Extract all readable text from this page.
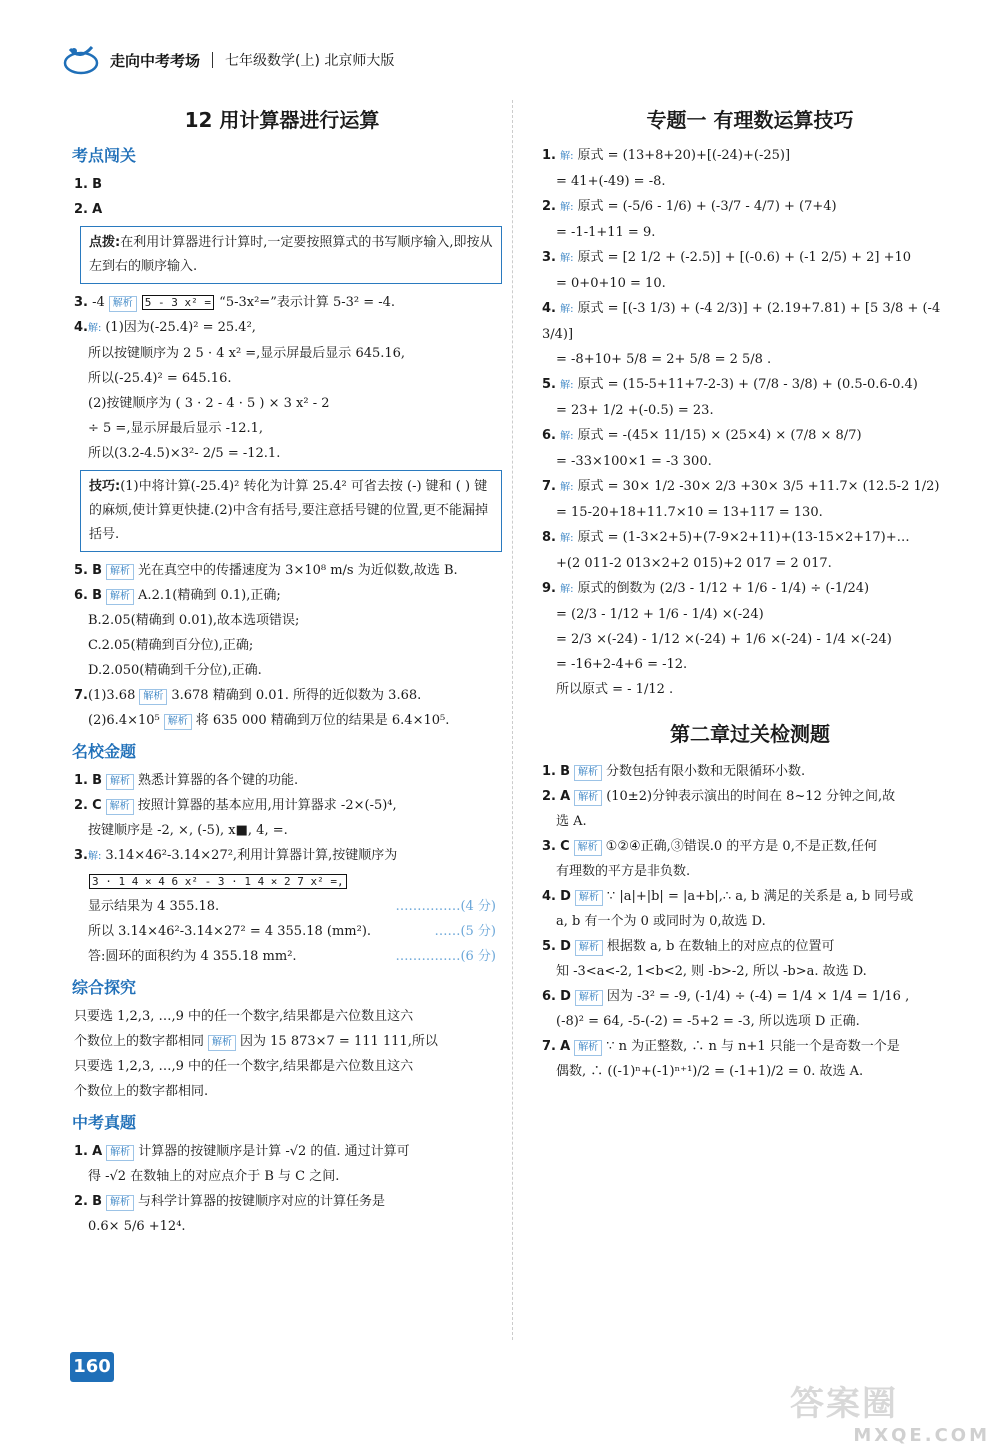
走向中考考场 七年级数学(上) 北京师大版
12 用计算器进行运算
考点闯关
1. B
2. A
点拨:在利用计算器进行计算时,一定要按照算式的书写顺序输入,即按从左到右的顺序输入.
3. -4 解析 5 - 3 x² = “5-3x²=”表示计算 5-3² = -4.
4.解: (1)因为(-25.4)² = 25.4²,
所以按键顺序为 2 5 · 4 x² =,显示屏最后显示 645.16,
所以(-25.4)² = 645.16.
(2)按键顺序为 ( 3 · 2 - 4 · 5 ) × 3 x² - 2
÷ 5 =,显示屏最后显示 -12.1,
所以(3.2-4.5)×3²- 2/5 = -12.1.
技巧:(1)中将计算(-25.4)² 转化为计算 25.4² 可省去按 (-) 键和 ( ) 键的麻烦,使计算更快捷.(2)中含有括号,要注意括号键的位置,更不能漏掉括号.
5. B 解析 光在真空中的传播速度为 3×10⁸ m/s 为近似数,故选 B.
6. B 解析 A.2.1(精确到 0.1),正确;
B.2.05(精确到 0.01),故本选项错误;
C.2.05(精确到百分位),正确;
D.2.050(精确到千分位),正确.
7.(1)3.68 解析 3.678 精确到 0.01. 所得的近似数为 3.68.
(2)6.4×10⁵ 解析 将 635 000 精确到万位的结果是 6.4×10⁵.
名校金题
1. B 解析 熟悉计算器的各个键的功能.
2. C 解析 按照计算器的基本应用,用计算器求 -2×(-5)⁴,
按键顺序是 -2, ×, (-5), x■, 4, =.
3.解: 3.14×46²-3.14×27²,利用计算器计算,按键顺序为
3 · 1 4 × 4 6 x² - 3 · 1 4 × 2 7 x² =,
显示结果为 4 355.18.	……………(4 分)
所以 3.14×46²-3.14×27² = 4 355.18 (mm²).	……(5 分)
答:圆环的面积约为 4 355.18 mm².	……………(6 分)
综合探究
只要选 1,2,3, …,9 中的任一个数字,结果都是六位数且这六
个数位上的数字都相同 解析 因为 15 873×7 = 111 111,所以
只要选 1,2,3, …,9 中的任一个数字,结果都是六位数且这六
个数位上的数字都相同.
中考真题
1. A 解析 计算器的按键顺序是计算 -√2 的值. 通过计算可
得 -√2 在数轴上的对应点介于 B 与 C 之间.
2. B 解析 与科学计算器的按键顺序对应的计算任务是
0.6× 5/6 +12⁴.
专题一 有理数运算技巧
1. 解: 原式 = (13+8+20)+[(-24)+(-25)]
= 41+(-49) = -8.
2. 解: 原式 = (-5/6 - 1/6) + (-3/7 - 4/7) + (7+4)
= -1-1+11 = 9.
3. 解: 原式 = [2 1/2 + (-2.5)] + [(-0.6) + (-1 2/5) + 2] +10
= 0+0+10 = 10.
4. 解: 原式 = [(-3 1/3) + (-4 2/3)] + (2.19+7.81) + [5 3/8 + (-4 3/4)]
= -8+10+ 5/8 = 2+ 5/8 = 2 5/8 .
5. 解: 原式 = (15-5+11+7-2-3) + (7/8 - 3/8) + (0.5-0.6-0.4)
= 23+ 1/2 +(-0.5) = 23.
6. 解: 原式 = -(45× 11/15) × (25×4) × (7/8 × 8/7)
= -33×100×1 = -3 300.
7. 解: 原式 = 30× 1/2 -30× 2/3 +30× 3/5 +11.7× (12.5-2 1/2)
= 15-20+18+11.7×10 = 13+117 = 130.
8. 解: 原式 = (1-3×2+5)+(7-9×2+11)+(13-15×2+17)+…
+(2 011-2 013×2+2 015)+2 017 = 2 017.
9. 解: 原式的倒数为 (2/3 - 1/12 + 1/6 - 1/4) ÷ (-1/24)
= (2/3 - 1/12 + 1/6 - 1/4) ×(-24)
= 2/3 ×(-24) - 1/12 ×(-24) + 1/6 ×(-24) - 1/4 ×(-24)
= -16+2-4+6 = -12.
所以原式 = - 1/12 .
第二章过关检测题
1. B 解析 分数包括有限小数和无限循环小数.
2. A 解析 (10±2)分钟表示演出的时间在 8~12 分钟之间,故
选 A.
3. C 解析 ①②④正确,③错误.0 的平方是 0,不是正数,任何
有理数的平方是非负数.
4. D 解析 ∵ |a|+|b| = |a+b|,∴ a, b 满足的关系是 a, b 同号或
a, b 有一个为 0 或同时为 0,故选 D.
5. D 解析 根据数 a, b 在数轴上的对应点的位置可
知 -3<a<-2, 1<b<2, 则 -b>-2, 所以 -b>a. 故选 D.
6. D 解析 因为 -3² = -9, (-1/4) ÷ (-4) = 1/4 × 1/4 = 1/16 ,
(-8)² = 64, -5-(-2) = -5+2 = -3, 所以选项 D 正确.
7. A 解析 ∵ n 为正整数, ∴ n 与 n+1 只能一个是奇数一个是
偶数, ∴ ((-1)ⁿ+(-1)ⁿ⁺¹)/2 = (-1+1)/2 = 0. 故选 A.
160
答案圈
MXQE.COM
